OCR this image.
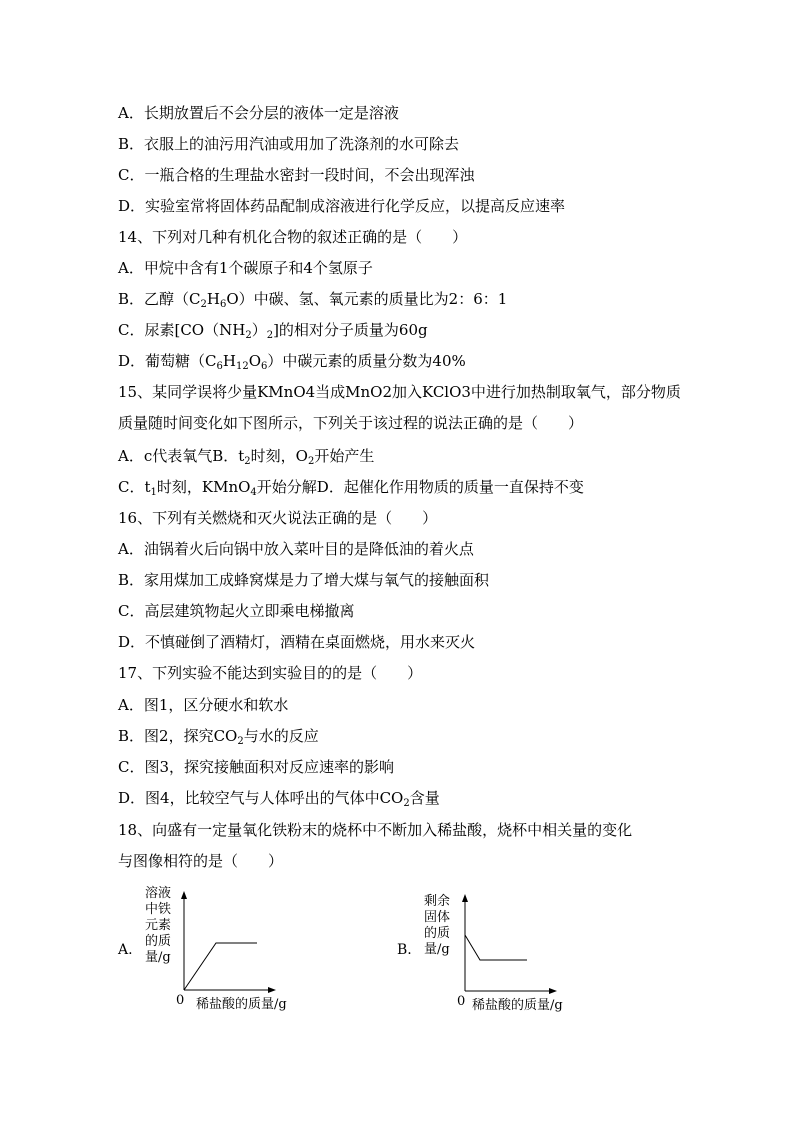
A．长期放置后不会分层的液体一定是溶液
B．衣服上的油污用汽油或用加了洗涤剂的水可除去
C．一瓶合格的生理盐水密封一段时间，不会出现浑浊
D．实验室常将固体药品配制成溶液进行化学反应，以提高反应速率
14、下列对几种有机化合物的叙述正确的是（　　）
A．甲烷中含有1个碳原子和4个氢原子
B．乙醇$(C_2H_6O)$中碳、氢、氧元素的质量比为2：6：1
C．尿素$[CO(NH_2)_2]$的相对分子质量为60g
D．葡萄糖$(C_6H_{12}O_6)$中碳元素的质量分数为40%
15、某同学误将少量KMnO4当成MnO2加入KClO3中进行加热制取氧气，部分物质
质量随时间变化如下图所示，下列关于该过程的说法正确的是（　　）
A．c代表氧气B．$t_2$时刻，$O_2$开始产生
C．$t_1$时刻，KMnO$_4$开始分解D．起催化作用物质的质量一直保持不变
16、下列有关燃烧和灭火说法正确的是（　　）
A．油锅着火后向锅中放入菜叶目的是降低油的着火点
B．家用煤加工成蜂窝煤是力了增大煤与氧气的接触面积
C．高层建筑物起火立即乘电梯撤离
D．不慎碰倒了酒精灯，酒精在桌面燃烧，用水来灭火
17、下列实验不能达到实验目的的是（　　）
A．图1，区分硬水和软水
B．图2，探究$CO_2$与水的反应
C．图3，探究接触面积对反应速率的影响
D．图4，比较空气与人体呼出的气体中$CO_2$含量
18、向盛有一定量氧化铁粉末的烧杯中不断加入稀盐酸，烧杯中相关量的变化
与图像相符的是（　　）
A.
溶液
中铁
元素
的质
量/g
0 稀盐酸的质量/g
B.
剩余
固体
的质
量/g
0 稀盐酸的质量/g
